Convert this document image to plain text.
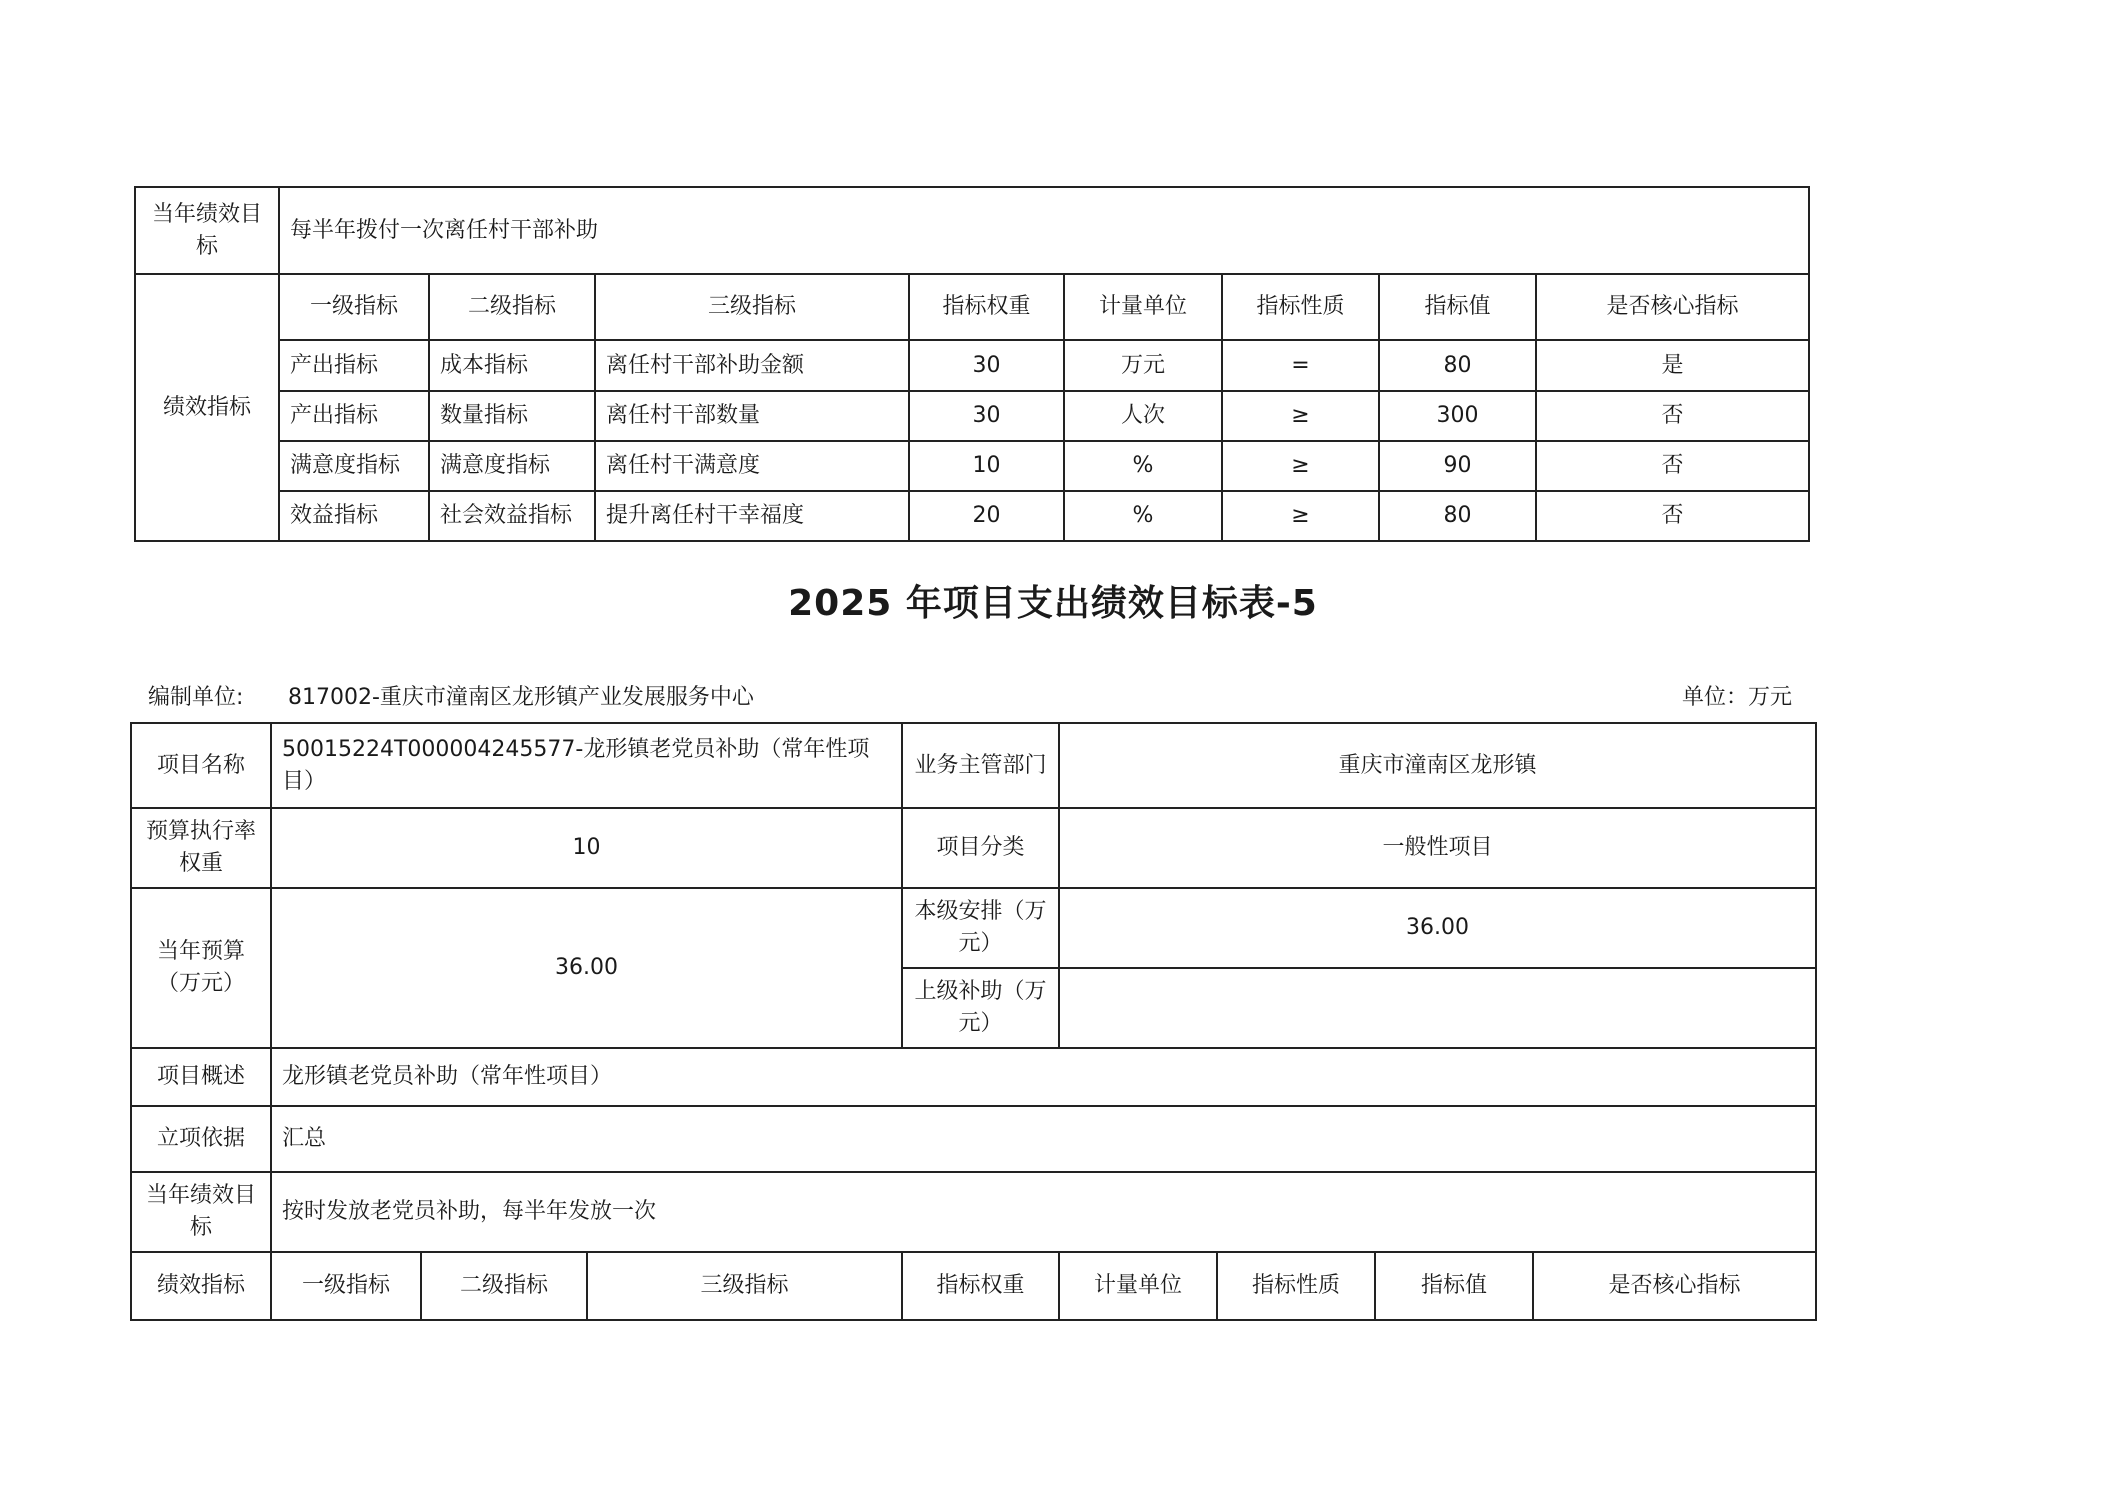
当年绩效目标	每半年拨付一次离任村干部补助							
绩效指标	一级指标	二级指标	三级指标	指标权重	计量单位	指标性质	指标值	是否核心指标
	产出指标	成本指标	离任村干部补助金额	30	万元	=	80	是
	产出指标	数量指标	离任村干部数量	30	人次	≥	300	否
	满意度指标	满意度指标	离任村干满意度	10	%	≥	90	否
	效益指标	社会效益指标	提升离任村干幸福度	20	%	≥	80	否
2025 年项目支出绩效目标表-5
编制单位: 817002-重庆市潼南区龙形镇产业发展服务中心	单位：万元
项目名称	50015224T000004245577-龙形镇老党员补助（常年性项目）			业务主管部门	重庆市潼南区龙形镇			
预算执行率权重	10			项目分类	一般性项目			
当年预算（万元）	36.00			本级安排（万元）	36.00			
				上级补助（万元）				
项目概述	龙形镇老党员补助（常年性项目）							
立项依据	汇总							
当年绩效目标	按时发放老党员补助，每半年发放一次							
绩效指标	一级指标	二级指标	三级指标	指标权重	计量单位	指标性质	指标值	是否核心指标
